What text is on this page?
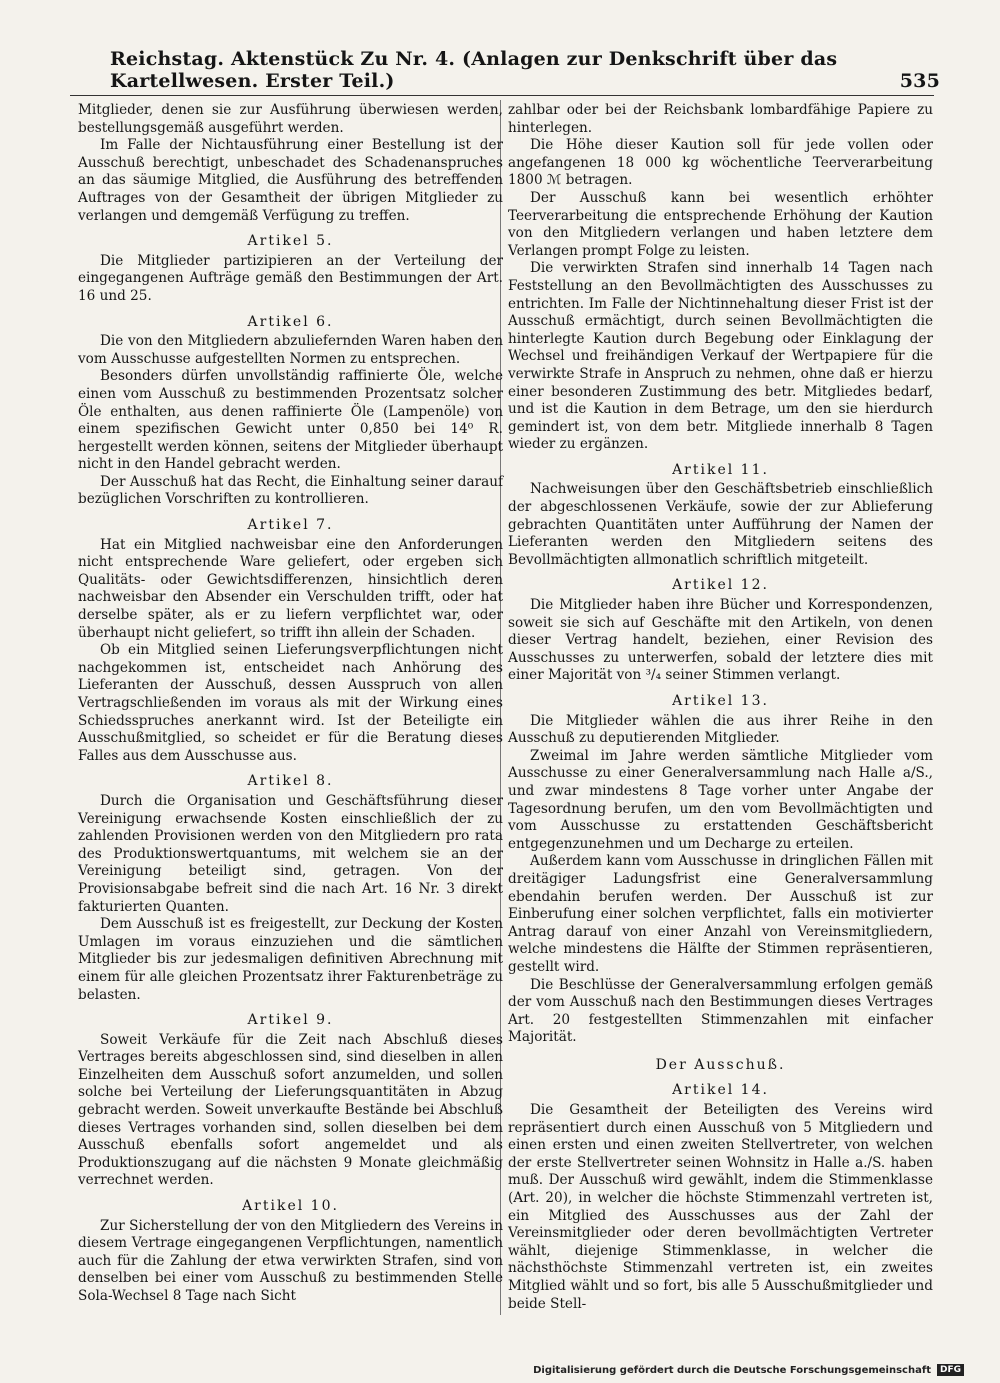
Reichstag. Aktenstück Zu Nr. 4. (Anlagen zur Denkschrift über das Kartellwesen. Erster Teil.)	535

Mitglieder, denen sie zur Ausführung überwiesen werden, bestellungsgemäß ausgeführt werden.

Im Falle der Nichtausführung einer Bestellung ist der Ausschuß berechtigt, unbeschadet des Schadenanspruches an das säumige Mitglied, die Ausführung des betreffenden Auftrages von der Gesamtheit der übrigen Mitglieder zu verlangen und demgemäß Verfügung zu treffen.

Artikel 5.

Die Mitglieder partizipieren an der Verteilung der eingegangenen Aufträge gemäß den Bestimmungen der Art. 16 und 25.

Artikel 6.

Die von den Mitgliedern abzuliefernden Waren haben den vom Ausschusse aufgestellten Normen zu entsprechen.

Besonders dürfen unvollständig raffinierte Öle, welche einen vom Ausschuß zu bestimmenden Prozentsatz solcher Öle enthalten, aus denen raffinierte Öle (Lampenöle) von einem spezifischen Gewicht unter 0,850 bei 14⁰ R. hergestellt werden können, seitens der Mitglieder überhaupt nicht in den Handel gebracht werden.

Der Ausschuß hat das Recht, die Einhaltung seiner darauf bezüglichen Vorschriften zu kontrollieren.

Artikel 7.

Hat ein Mitglied nachweisbar eine den Anforderungen nicht entsprechende Ware geliefert, oder ergeben sich Qualitäts- oder Gewichtsdifferenzen, hinsichtlich deren nachweisbar den Absender ein Verschulden trifft, oder hat derselbe später, als er zu liefern verpflichtet war, oder überhaupt nicht geliefert, so trifft ihn allein der Schaden.

Ob ein Mitglied seinen Lieferungsverpflichtungen nicht nachgekommen ist, entscheidet nach Anhörung des Lieferanten der Ausschuß, dessen Ausspruch von allen Vertragschließenden im voraus als mit der Wirkung eines Schiedsspruches anerkannt wird. Ist der Beteiligte ein Ausschußmitglied, so scheidet er für die Beratung dieses Falles aus dem Ausschusse aus.

Artikel 8.

Durch die Organisation und Geschäftsführung dieser Vereinigung erwachsende Kosten einschließlich der zu zahlenden Provisionen werden von den Mitgliedern pro rata des Produktionswertquantums, mit welchem sie an der Vereinigung beteiligt sind, getragen. Von der Provisionsabgabe befreit sind die nach Art. 16 Nr. 3 direkt fakturierten Quanten.

Dem Ausschuß ist es freigestellt, zur Deckung der Kosten Umlagen im voraus einzuziehen und die sämtlichen Mitglieder bis zur jedesmaligen definitiven Abrechnung mit einem für alle gleichen Prozentsatz ihrer Fakturenbeträge zu belasten.

Artikel 9.

Soweit Verkäufe für die Zeit nach Abschluß dieses Vertrages bereits abgeschlossen sind, sind dieselben in allen Einzelheiten dem Ausschuß sofort anzumelden, und sollen solche bei Verteilung der Lieferungsquantitäten in Abzug gebracht werden. Soweit unverkaufte Bestände bei Abschluß dieses Vertrages vorhanden sind, sollen dieselben bei dem Ausschuß ebenfalls sofort angemeldet und als Produktionszugang auf die nächsten 9 Monate gleichmäßig verrechnet werden.

Artikel 10.

Zur Sicherstellung der von den Mitgliedern des Vereins in diesem Vertrage eingegangenen Verpflichtungen, namentlich auch für die Zahlung der etwa verwirkten Strafen, sind von denselben bei einer vom Ausschuß zu bestimmenden Stelle Sola-Wechsel 8 Tage nach Sicht

zahlbar oder bei der Reichsbank lombardfähige Papiere zu hinterlegen.

Die Höhe dieser Kaution soll für jede vollen oder angefangenen 18 000 kg wöchentliche Teerverarbeitung 1800 ℳ betragen.

Der Ausschuß kann bei wesentlich erhöhter Teerverarbeitung die entsprechende Erhöhung der Kaution von den Mitgliedern verlangen und haben letztere dem Verlangen prompt Folge zu leisten.

Die verwirkten Strafen sind innerhalb 14 Tagen nach Feststellung an den Bevollmächtigten des Ausschusses zu entrichten. Im Falle der Nichtinnehaltung dieser Frist ist der Ausschuß ermächtigt, durch seinen Bevollmächtigten die hinterlegte Kaution durch Begebung oder Einklagung der Wechsel und freihändigen Verkauf der Wertpapiere für die verwirkte Strafe in Anspruch zu nehmen, ohne daß er hierzu einer besonderen Zustimmung des betr. Mitgliedes bedarf, und ist die Kaution in dem Betrage, um den sie hierdurch gemindert ist, von dem betr. Mitgliede innerhalb 8 Tagen wieder zu ergänzen.

Artikel 11.

Nachweisungen über den Geschäftsbetrieb einschließlich der abgeschlossenen Verkäufe, sowie der zur Ablieferung gebrachten Quantitäten unter Aufführung der Namen der Lieferanten werden den Mitgliedern seitens des Bevollmächtigten allmonatlich schriftlich mitgeteilt.

Artikel 12.

Die Mitglieder haben ihre Bücher und Korrespondenzen, soweit sie sich auf Geschäfte mit den Artikeln, von denen dieser Vertrag handelt, beziehen, einer Revision des Ausschusses zu unterwerfen, sobald der letztere dies mit einer Majorität von ³/₄ seiner Stimmen verlangt.

Artikel 13.

Die Mitglieder wählen die aus ihrer Reihe in den Ausschuß zu deputierenden Mitglieder.

Zweimal im Jahre werden sämtliche Mitglieder vom Ausschusse zu einer Generalversammlung nach Halle a/S., und zwar mindestens 8 Tage vorher unter Angabe der Tagesordnung berufen, um den vom Bevollmächtigten und vom Ausschusse zu erstattenden Geschäftsbericht entgegenzunehmen und um Decharge zu erteilen.

Außerdem kann vom Ausschusse in dringlichen Fällen mit dreitägiger Ladungsfrist eine Generalversammlung ebendahin berufen werden. Der Ausschuß ist zur Einberufung einer solchen verpflichtet, falls ein motivierter Antrag darauf von einer Anzahl von Vereinsmitgliedern, welche mindestens die Hälfte der Stimmen repräsentieren, gestellt wird.

Die Beschlüsse der Generalversammlung erfolgen gemäß der vom Ausschuß nach den Bestimmungen dieses Vertrages Art. 20 festgestellten Stimmenzahlen mit einfacher Majorität.

Der Ausschuß.
Artikel 14.

Die Gesamtheit der Beteiligten des Vereins wird repräsentiert durch einen Ausschuß von 5 Mitgliedern und einen ersten und einen zweiten Stellvertreter, von welchen der erste Stellvertreter seinen Wohnsitz in Halle a./S. haben muß. Der Ausschuß wird gewählt, indem die Stimmenklasse (Art. 20), in welcher die höchste Stimmenzahl vertreten ist, ein Mitglied des Ausschusses aus der Zahl der Vereinsmitglieder oder deren bevollmächtigten Vertreter wählt, diejenige Stimmenklasse, in welcher die nächsthöchste Stimmenzahl vertreten ist, ein zweites Mitglied wählt und so fort, bis alle 5 Ausschußmitglieder und beide Stell-

Digitalisierung gefördert durch die Deutsche Forschungsgemeinschaft	DFG
